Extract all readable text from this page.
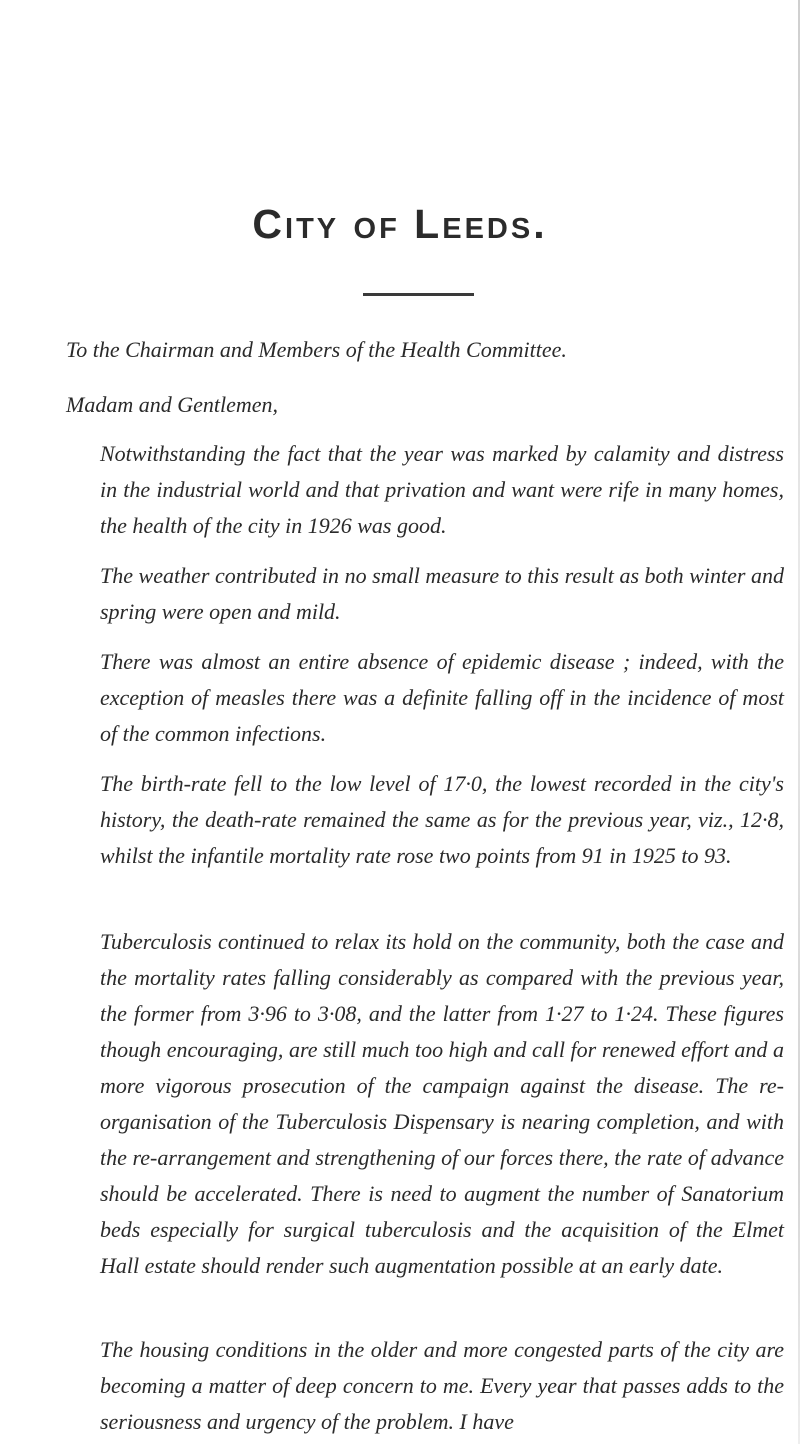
City of Leeds.
To the Chairman and Members of the Health Committee.
Madam and Gentlemen,
Notwithstanding the fact that the year was marked by calamity and distress in the industrial world and that privation and want were rife in many homes, the health of the city in 1926 was good.
The weather contributed in no small measure to this result as both winter and spring were open and mild.
There was almost an entire absence of epidemic disease ; indeed, with the exception of measles there was a definite falling off in the incidence of most of the common infections.
The birth-rate fell to the low level of 17·0, the lowest recorded in the city's history, the death-rate remained the same as for the previous year, viz., 12·8, whilst the infantile mortality rate rose two points from 91 in 1925 to 93.
Tuberculosis continued to relax its hold on the community, both the case and the mortality rates falling considerably as compared with the previous year, the former from 3·96 to 3·08, and the latter from 1·27 to 1·24. These figures though encouraging, are still much too high and call for renewed effort and a more vigorous prosecution of the campaign against the disease. The re-organisation of the Tuberculosis Dispensary is nearing completion, and with the re-arrangement and strengthening of our forces there, the rate of advance should be accelerated. There is need to augment the number of Sanatorium beds especially for surgical tuberculosis and the acquisition of the Elmet Hall estate should render such augmentation possible at an early date.
The housing conditions in the older and more congested parts of the city are becoming a matter of deep concern to me. Every year that passes adds to the seriousness and urgency of the problem. I have
